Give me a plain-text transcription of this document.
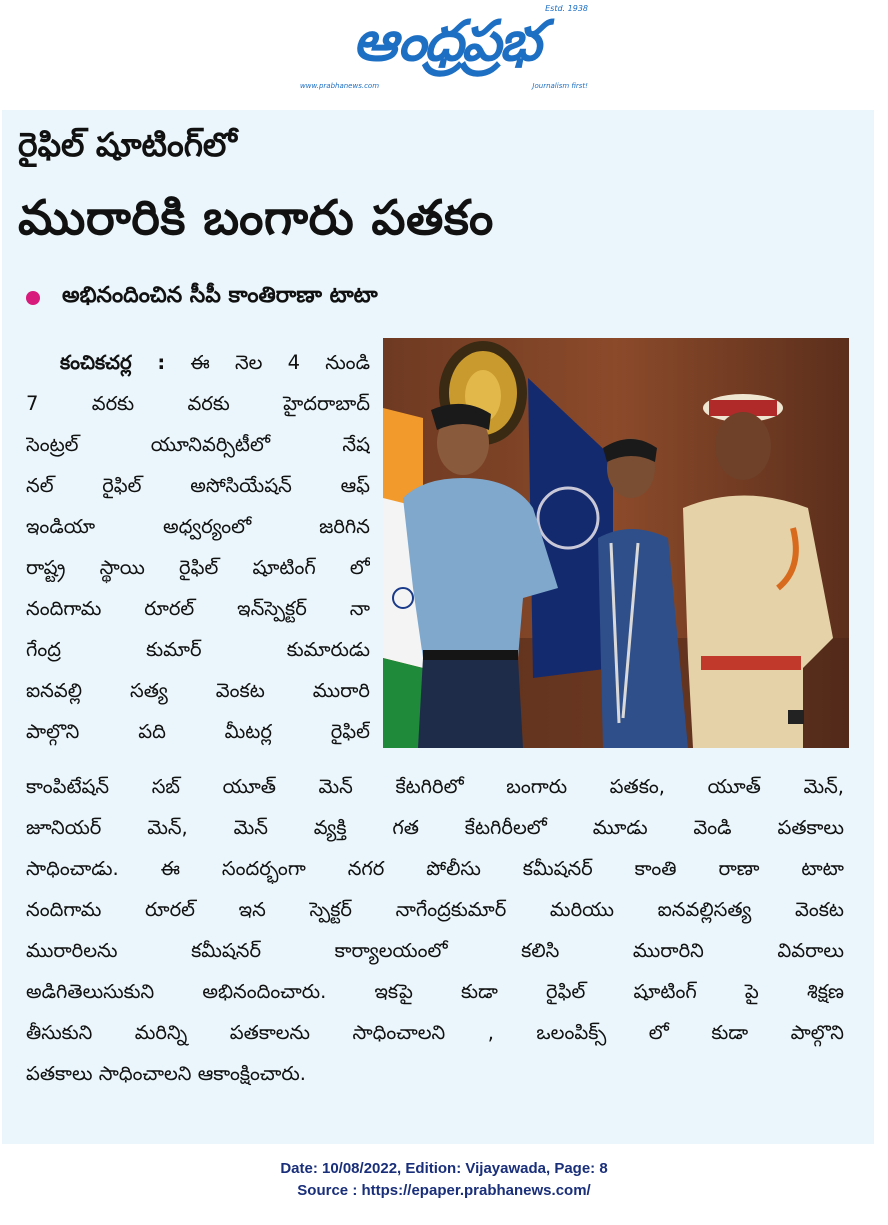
Estd. 1938
ఆంధ్రప్రభ
www.prabhanews.com	Journalism first!
రైఫిల్ షూటింగ్‌లో
మురారికి బంగారు పతకం
అభినందించిన సీపీ కాంతిరాణా టాటా
కంచికచర్ల : ఈ నెల 4 నుండి
7 వరకు వరకు హైదరాబాద్
సెంట్రల్ యూనివర్సిటీలో నేష
నల్ రైఫిల్ అసోసియేషన్ ఆఫ్
ఇండియా అధ్వర్యంలో జరిగిన
రాష్ట్ర స్థాయి రైఫిల్ షూటింగ్ లో
నందిగామ రూరల్ ఇన్‌స్పెక్టర్ నా
గేంద్ర కుమార్ కుమారుడు
ఐనవల్లి సత్య వెంకట మురారి
పాల్గొని పది మీటర్ల రైఫిల్
కాంపిటేషన్ సబ్ యూత్ మెన్ కేటగిరిలో బంగారు పతకం, యూత్ మెన్,
జూనియర్ మెన్, మెన్ వ్యక్తి గత కేటగిరీలలో మూడు వెండి పతకాలు
సాధించాడు. ఈ సందర్భంగా నగర పోలీసు కమీషనర్ కాంతి రాణా టాటా
నందిగామ రూరల్ ఇన స్పెక్టర్ నాగేంద్రకుమార్ మరియు ఐనవల్లిసత్య వెంకట
మురారిలను కమీషనర్ కార్యాలయంలో కలిసి మురారిని వివరాలు
అడిగితెలుసుకుని అభినందించారు. ఇకపై కుడా రైఫిల్ షూటింగ్ పై శిక్షణ
తీసుకుని మరిన్ని పతకాలను సాధించాలని , ఒలంపిక్స్ లో కుడా పాల్గొని
పతకాలు సాధించాలని ఆకాంక్షించారు.
Date: 10/08/2022, Edition: Vijayawada, Page: 8
Source : https://epaper.prabhanews.com/
